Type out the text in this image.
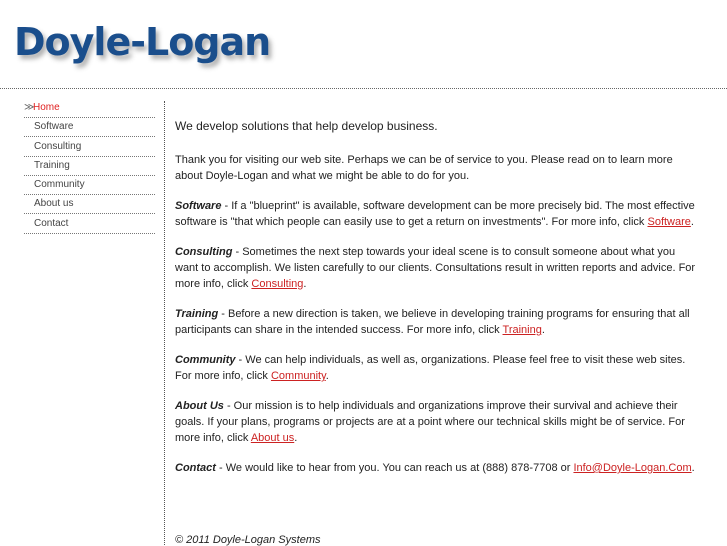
Doyle-Logan
≫
Home
Software
Consulting
Training
Community
About us
Contact

We develop solutions that help develop business.

Thank you for visiting our web site. Perhaps we can be of service to you. Please read on to learn more about Doyle-Logan and what we might be able to do for you.

Software - If a "blueprint" is available, software development can be more precisely bid. The most effective software is "that which people can easily use to get a return on investments". For more info, click Software.

Consulting - Sometimes the next step towards your ideal scene is to consult someone about what you want to accomplish. We listen carefully to our clients. Consultations result in written reports and advice. For more info, click Consulting.

Training - Before a new direction is taken, we believe in developing training programs for ensuring that all participants can share in the intended success. For more info, click Training.

Community - We can help individuals, as well as, organizations. Please feel free to visit these web sites. For more info, click Community.

About Us - Our mission is to help individuals and organizations improve their survival and achieve their goals. If your plans, programs or projects are at a point where our technical skills might be of service. For more info, click About us.

Contact - We would like to hear from you. You can reach us at (888) 878-7708 or Info@Doyle-Logan.Com.

© 2011 Doyle-Logan Systems
